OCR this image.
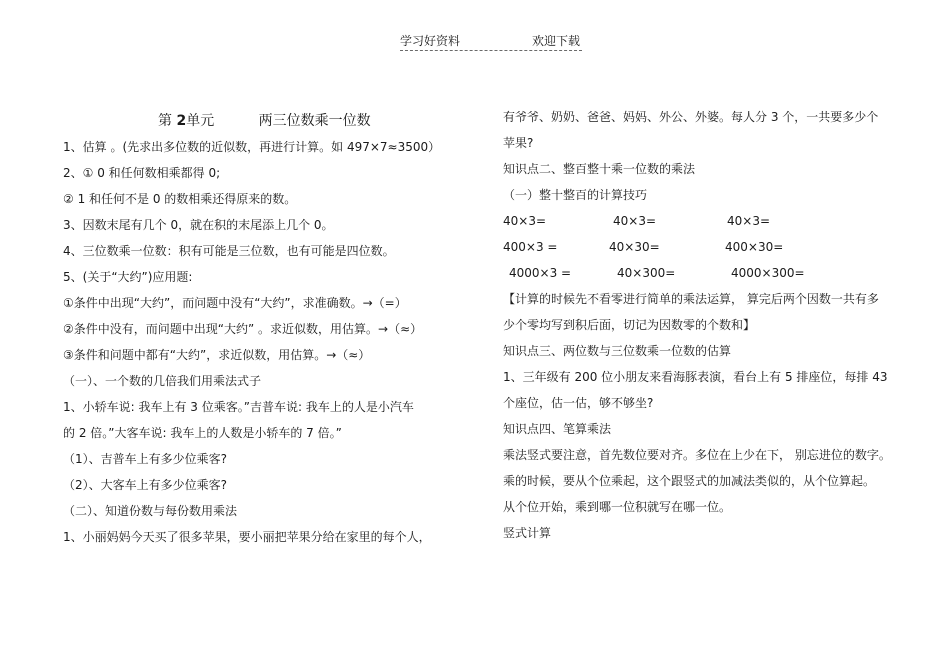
学习好资料	欢迎下载
第 2单元	两三位数乘一位数
1、估算 。(先求出多位数的近似数，再进行计算。如 497×7≈3500）
2、① 0 和任何数相乘都得 0;
② 1 和任何不是 0 的数相乘还得原来的数。
3、因数末尾有几个 0，就在积的末尾添上几个 0。
4、三位数乘一位数：积有可能是三位数，也有可能是四位数。
5、(关于“大约”)应用题:
①条件中出现“大约”，而问题中没有“大约”，求准确数。→（=）
②条件中没有，而问题中出现“大约” 。求近似数，用估算。→（≈）
③条件和问题中都有“大约”，求近似数，用估算。→（≈）
（一）、一个数的几倍我们用乘法式子
1、小轿车说: 我车上有 3 位乘客。”吉普车说: 我车上的人是小汽车
的 2 倍。”大客车说: 我车上的人数是小轿车的 7 倍。”
（1）、吉普车上有多少位乘客?
（2）、大客车上有多少位乘客?
（二）、知道份数与每份数用乘法
1、小丽妈妈今天买了很多苹果，要小丽把苹果分给在家里的每个人，
有爷爷、奶奶、爸爸、妈妈、外公、外婆。每人分 3 个，一共要多少个
苹果?
知识点二、整百整十乘一位数的乘法
（一）整十整百的计算技巧
40×3=	40×3=	40×3=
400×3 =	40×30=	400×30=
4000×3 =	40×300=	4000×300=
【计算的时候先不看零进行简单的乘法运算， 算完后两个因数一共有多
少个零均写到积后面，切记为因数零的个数和】
知识点三、两位数与三位数乘一位数的估算
1、三年级有 200 位小朋友来看海豚表演，看台上有 5 排座位，每排 43
个座位，估一估，够不够坐?
知识点四、笔算乘法
乘法竖式要注意，首先数位要对齐。多位在上少在下， 别忘进位的数字。
乘的时候，要从个位乘起，这个跟竖式的加减法类似的，从个位算起。
从个位开始，乘到哪一位积就写在哪一位。
竖式计算
